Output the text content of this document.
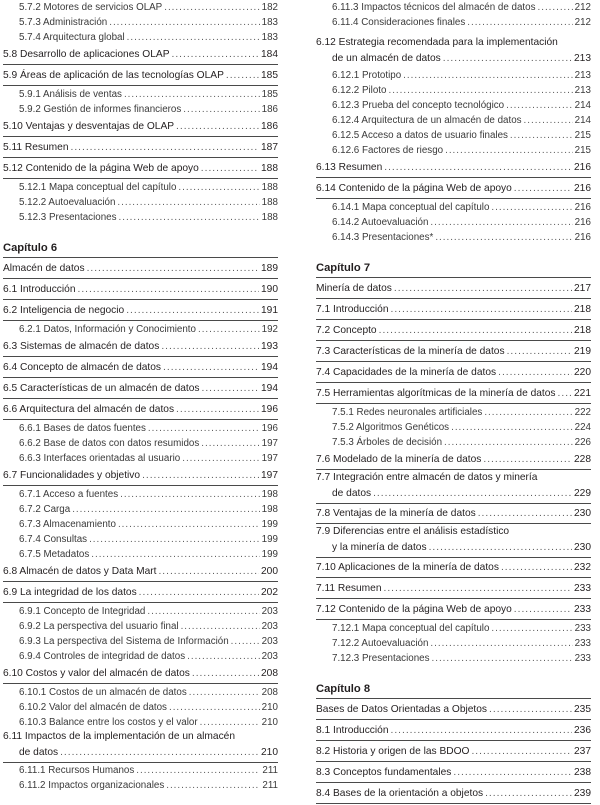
5.7.2 Motores de servicios OLAP .....	182
5.7.3 Administración .....	183
5.7.4 Arquitectura global .....	183
5.8 Desarrollo de aplicaciones OLAP .....	184
5.9 Áreas de aplicación de las tecnologías OLAP .....	185
5.9.1 Análisis de ventas .....	185
5.9.2 Gestión de informes financieros .....	186
5.10 Ventajas y desventajas de OLAP .....	186
5.11 Resumen .....	187
5.12 Contenido de la página Web de apoyo .....	188
5.12.1 Mapa conceptual del capítulo .....	188
5.12.2 Autoevaluación .....	188
5.12.3 Presentaciones .....	188
Capítulo 6
Almacén de datos .....	189
6.1 Introducción .....	190
6.2 Inteligencia de negocio .....	191
6.2.1 Datos, Información y Conocimiento .....	192
6.3 Sistemas de almacén de datos .....	193
6.4 Concepto de almacén de datos .....	194
6.5 Características de un almacén de datos .....	194
6.6 Arquitectura del almacén de datos .....	196
6.6.1 Bases de datos fuentes .....	196
6.6.2 Base de datos con datos resumidos .....	197
6.6.3 Interfaces orientadas al usuario .....	197
6.7 Funcionalidades y objetivo .....	197
6.7.1 Acceso a fuentes .....	198
6.7.2 Carga .....	198
6.7.3 Almacenamiento .....	199
6.7.4 Consultas .....	199
6.7.5 Metadatos .....	199
6.8 Almacén de datos y Data Mart .....	200
6.9 La integridad de los datos .....	202
6.9.1 Concepto de Integridad .....	203
6.9.2 La perspectiva del usuario final .....	203
6.9.3 La perspectiva del Sistema de Información .....	203
6.9.4 Controles de integridad de datos .....	203
6.10 Costos y valor del almacén de datos .....	208
6.10.1 Costos de un almacén de datos .....	208
6.10.2 Valor del almacén de datos .....	210
6.10.3 Balance entre los costos y el valor .....	210
6.11 Impactos de la implementación de un almacén
de datos .....	210
6.11.1 Recursos Humanos .....	211
6.11.2 Impactos organizacionales .....	211
6.11.3 Impactos técnicos del almacén de datos .....	212
6.11.4 Consideraciones finales .....	212
6.12 Estrategia recomendada para la implementación
de un almacén de datos .....	213
6.12.1 Prototipo .....	213
6.12.2 Piloto .....	213
6.12.3 Prueba del concepto tecnológico .....	214
6.12.4 Arquitectura de un almacén de datos .....	214
6.12.5 Acceso a datos de usuario finales .....	215
6.12.6 Factores de riesgo .....	215
6.13 Resumen .....	216
6.14 Contenido de la página Web de apoyo .....	216
6.14.1 Mapa conceptual del capítulo .....	216
6.14.2 Autoevaluación .....	216
6.14.3 Presentaciones* .....	216
Capítulo 7
Minería de datos .....	217
7.1 Introducción .....	218
7.2 Concepto .....	218
7.3 Características de la minería de datos .....	219
7.4 Capacidades de la minería de datos .....	220
7.5 Herramientas algorítmicas de la minería de datos ..... 221
7.5.1 Redes neuronales artificiales .....	222
7.5.2 Algoritmos Genéticos .....	224
7.5.3 Árboles de decisión .....	226
7.6 Modelado de la minería de datos .....	228
7.7 Integración entre almacén de datos y minería
de datos .....	229
7.8 Ventajas de la minería de datos .....	230
7.9 Diferencias entre el análisis estadístico
y la minería de datos .....	230
7.10 Aplicaciones de la minería de datos .....	232
7.11 Resumen .....	233
7.12 Contenido de la página Web de apoyo .....	233
7.12.1 Mapa conceptual del capítulo .....	233
7.12.2 Autoevaluación .....	233
7.12.3 Presentaciones .....	233
Capítulo 8
Bases de Datos Orientadas a Objetos .....	235
8.1 Introducción .....	236
8.2 Historia y origen de las BDOO .....	237
8.3 Conceptos fundamentales .....	238
8.4 Bases de la orientación a objetos .....	239
